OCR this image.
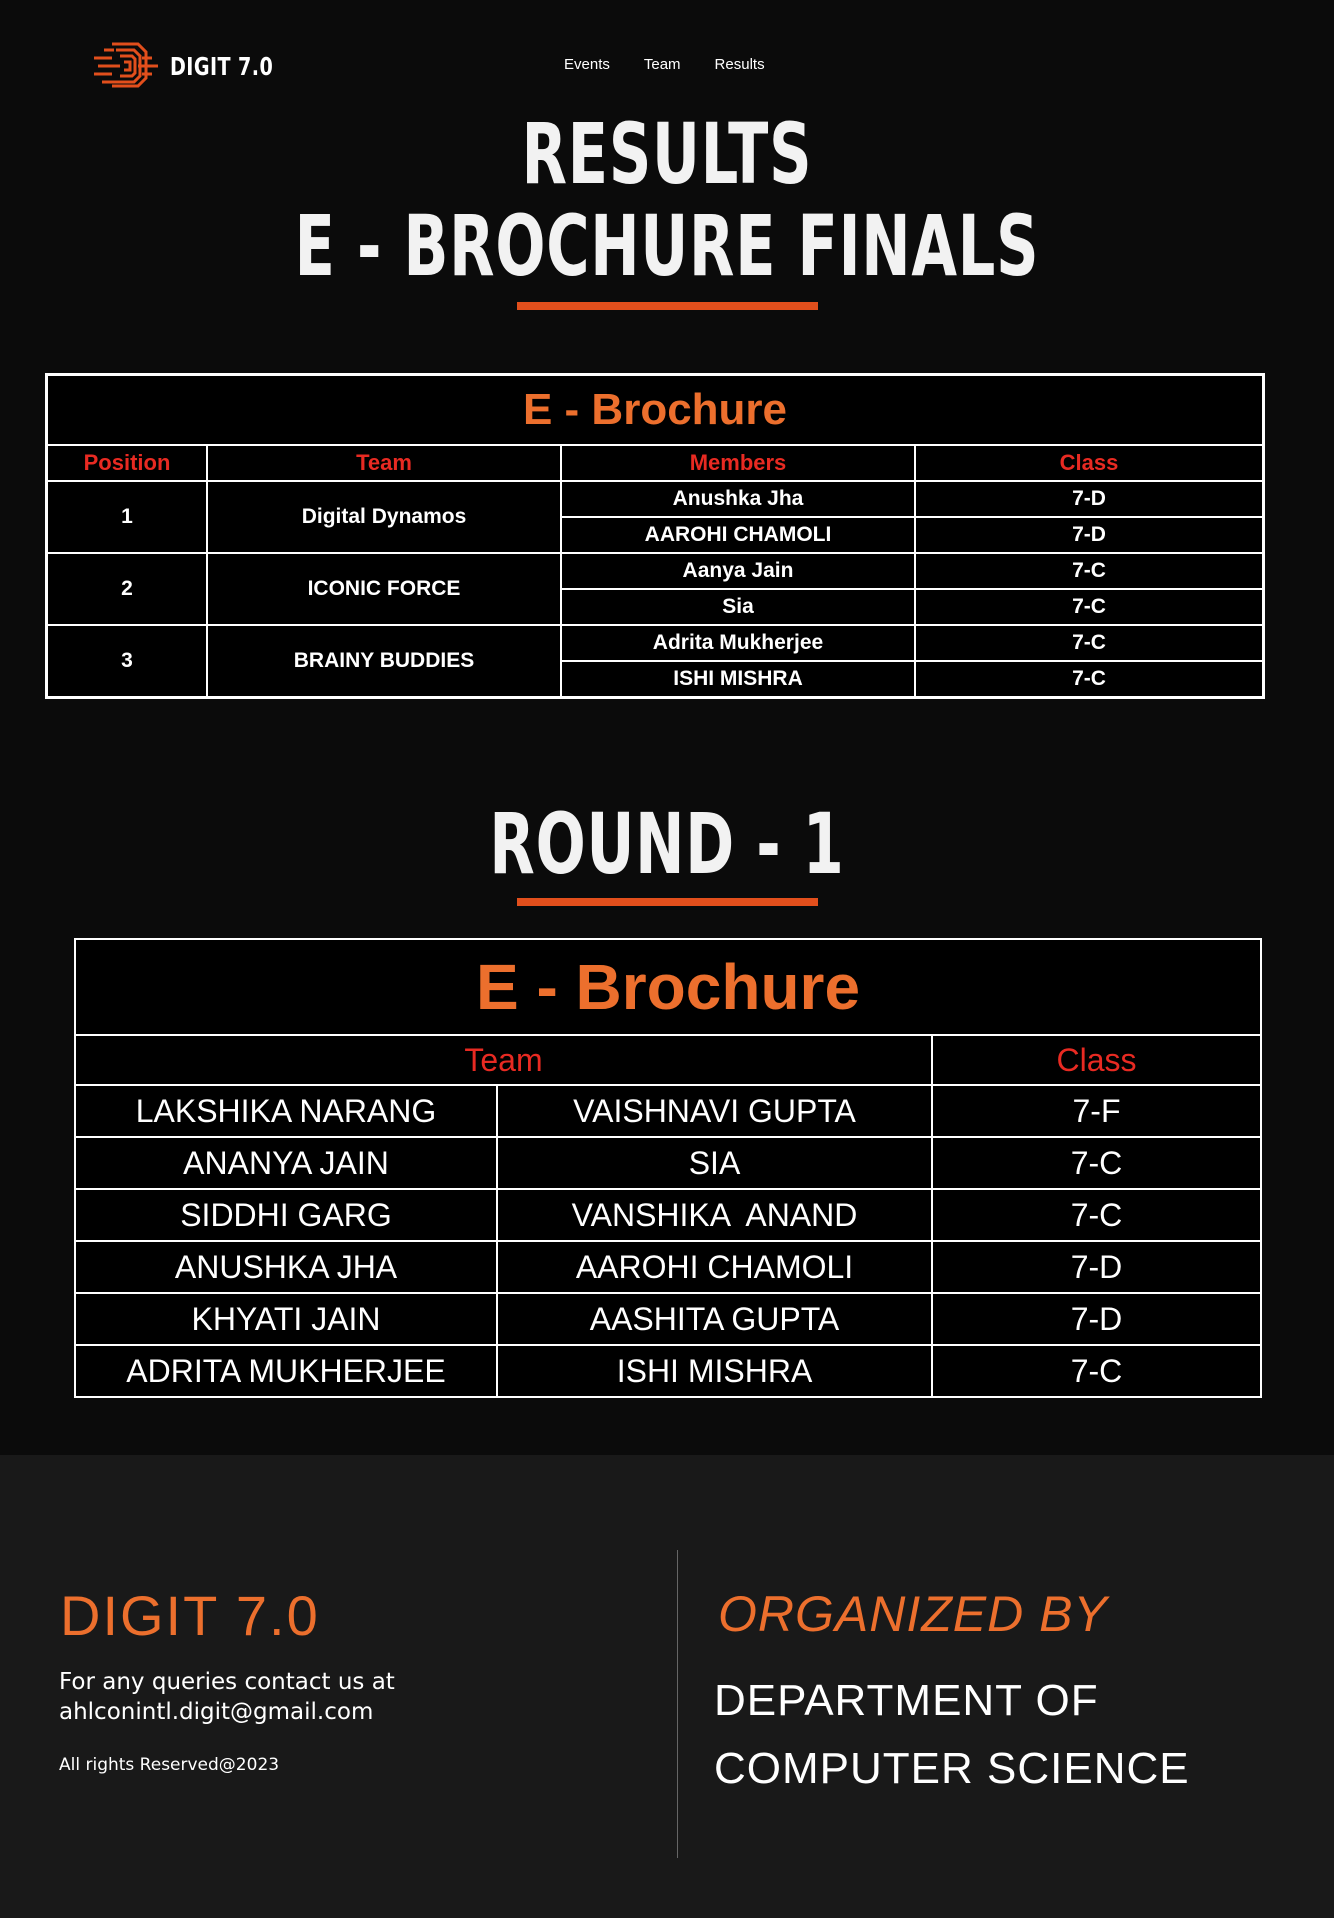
DIGIT 7.0	Events Team Results
RESULTS
E - BROCHURE FINALS
E - Brochure			
Position	Team	Members	Class
1	Digital Dynamos	Anushka Jha	7-D
		AAROHI CHAMOLI	7-D
2	ICONIC FORCE	Aanya Jain	7-C
		Sia	7-C
3	BRAINY BUDDIES	Adrita Mukherjee	7-C
		ISHI MISHRA	7-C
ROUND - 1
E - Brochure		
Team		Class
LAKSHIKA NARANG	VAISHNAVI GUPTA	7-F
ANANYA JAIN	SIA	7-C
SIDDHI GARG	VANSHIKA  ANAND	7-C
ANUSHKA JHA	AAROHI CHAMOLI	7-D
KHYATI JAIN	AASHITA GUPTA	7-D
ADRITA MUKHERJEE	ISHI MISHRA	7-C
DIGIT 7.0
For any queries contact us at
ahlconintl.digit@gmail.com
All rights Reserved@2023
ORGANIZED BY
DEPARTMENT OF
COMPUTER SCIENCE
